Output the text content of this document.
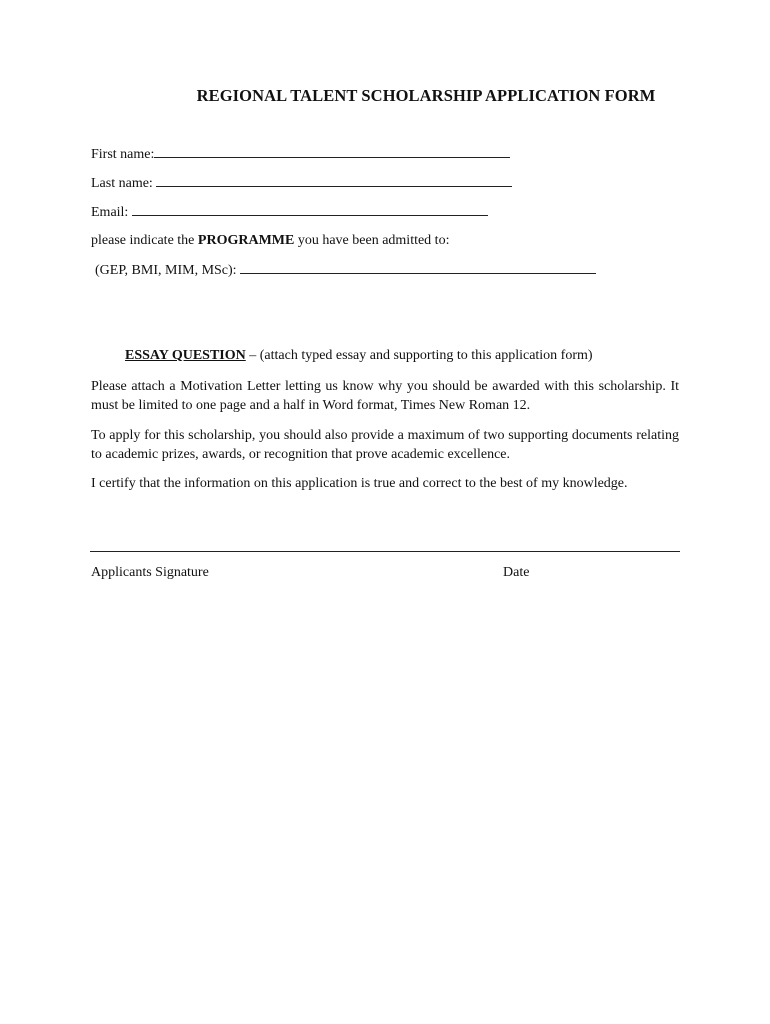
REGIONAL TALENT SCHOLARSHIP APPLICATION FORM
First name:
Last name:
Email:
please indicate the PROGRAMME you have been admitted to:
(GEP, BMI, MIM, MSc):
ESSAY QUESTION – (attach typed essay and supporting to this application form)
Please attach a Motivation Letter letting us know why you should be awarded with this scholarship. It must be limited to one page and a half in Word format, Times New Roman 12.
To apply for this scholarship, you should also provide a maximum of two supporting documents relating to academic prizes, awards, or recognition that prove academic excellence.
I certify that the information on this application is true and correct to the best of my knowledge.
Applicants Signature	Date
